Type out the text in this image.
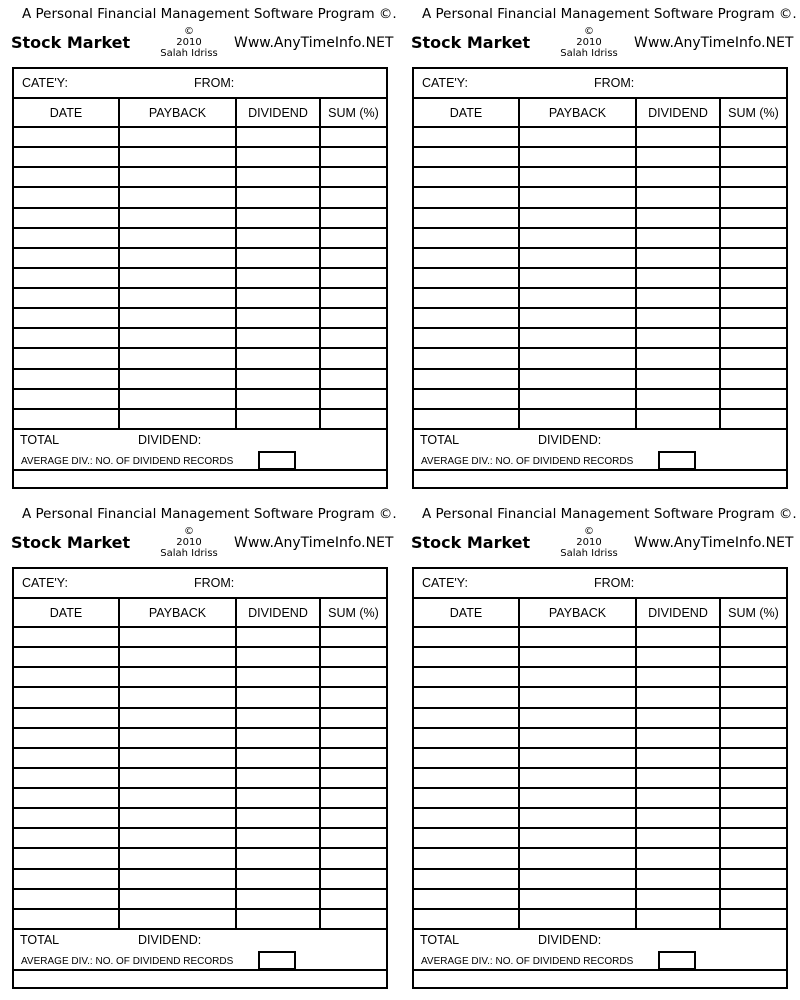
A Personal Financial Management Software Program ©.
Stock Market
©
2010
Salah Idriss
Www.AnyTimeInfo.NET
CATE'Y:	FROM:
DATE	PAYBACK	DIVIDEND	SUM (%)

TOTAL	DIVIDEND:
AVERAGE DIV.: NO. OF DIVIDEND RECORDS
A Personal Financial Management Software Program ©.
Stock Market
©
2010
Salah Idriss
Www.AnyTimeInfo.NET
CATE'Y:	FROM:
DATE	PAYBACK	DIVIDEND	SUM (%)

TOTAL	DIVIDEND:
AVERAGE DIV.: NO. OF DIVIDEND RECORDS
A Personal Financial Management Software Program ©.
Stock Market
©
2010
Salah Idriss
Www.AnyTimeInfo.NET
CATE'Y:	FROM:
DATE	PAYBACK	DIVIDEND	SUM (%)

TOTAL	DIVIDEND:
AVERAGE DIV.: NO. OF DIVIDEND RECORDS
A Personal Financial Management Software Program ©.
Stock Market
©
2010
Salah Idriss
Www.AnyTimeInfo.NET
CATE'Y:	FROM:
DATE	PAYBACK	DIVIDEND	SUM (%)

TOTAL	DIVIDEND:
AVERAGE DIV.: NO. OF DIVIDEND RECORDS
